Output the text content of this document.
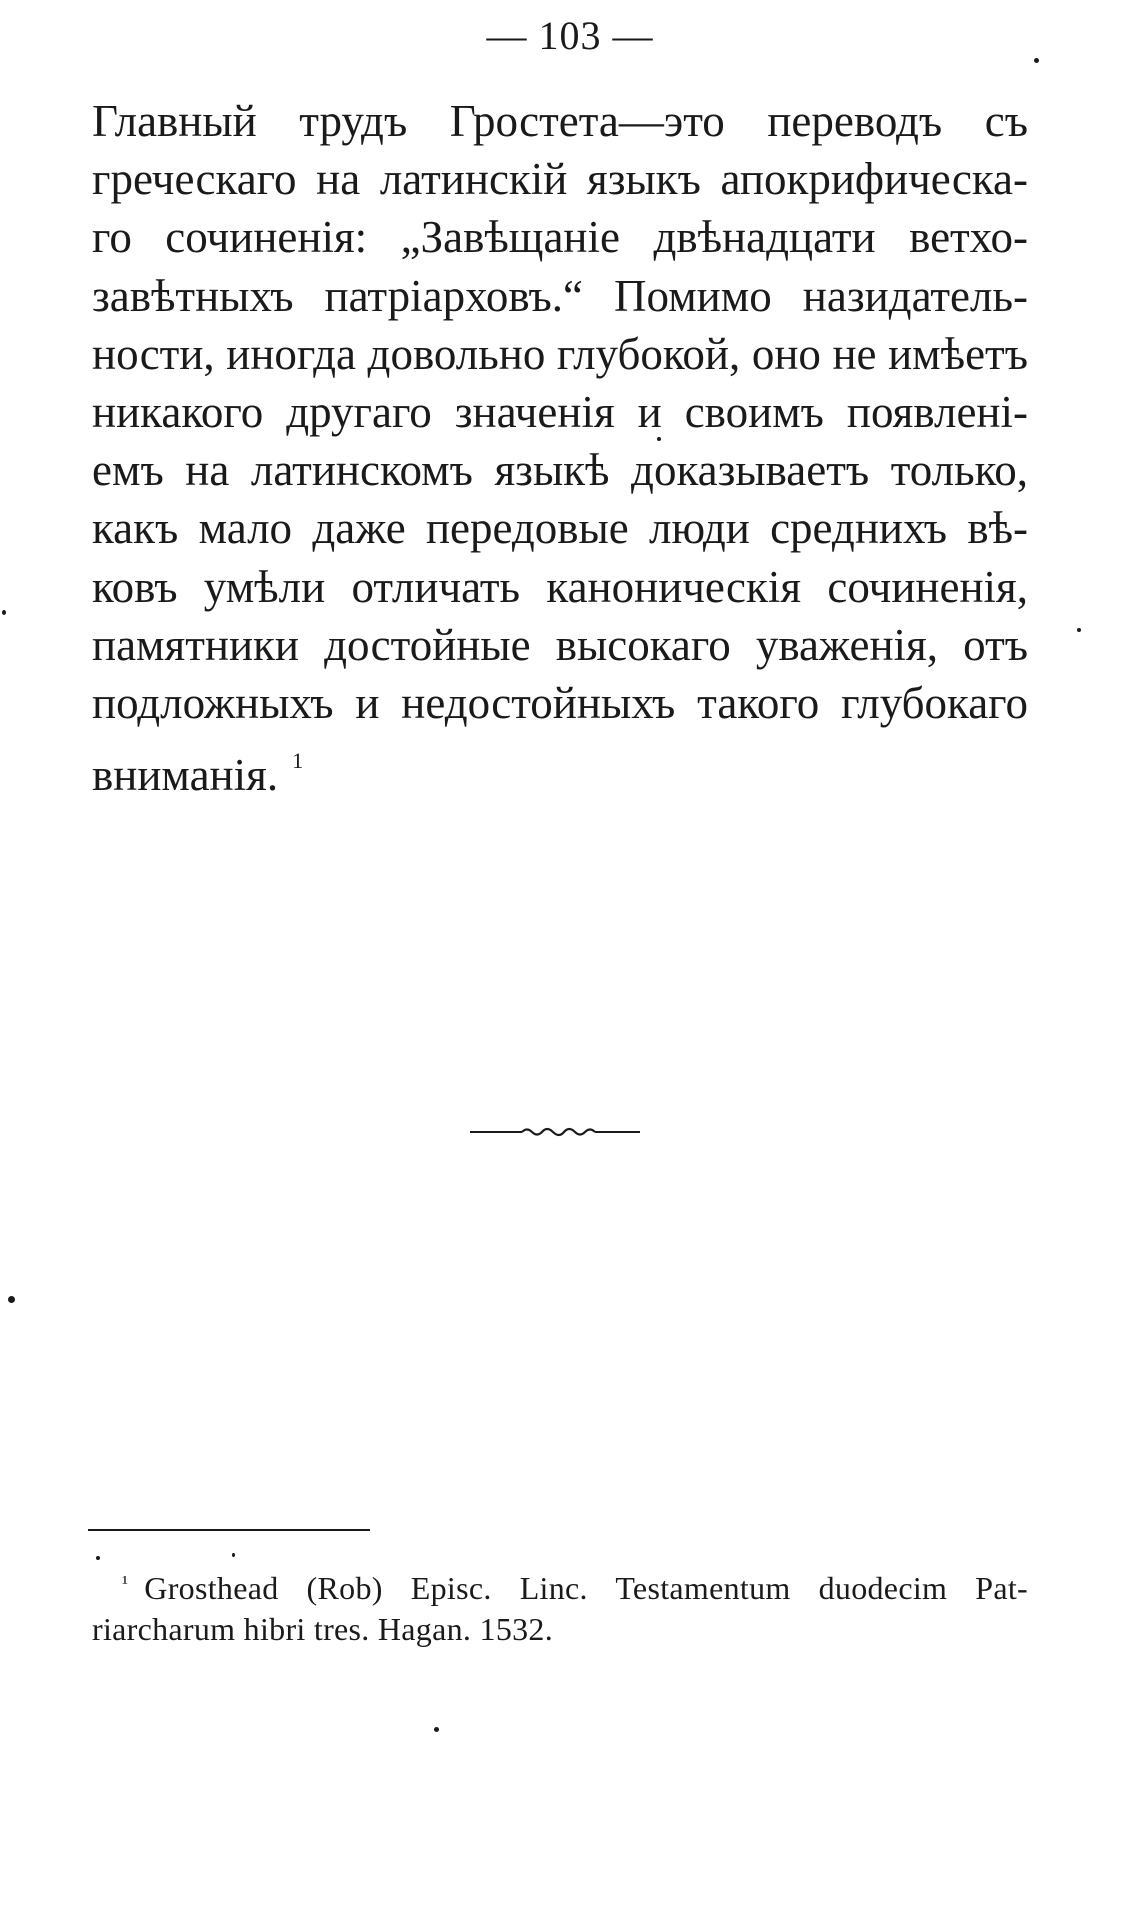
— 103 —
Главный трудъ Гростета—это переводъ съ
греческаго на латинскій языкъ апокрифическа-
го сочиненія: „Завѣщаніе двѣнадцати ветхо-
завѣтныхъ патріарховъ.“ Помимо назидатель-
ности, иногда довольно глубокой, оно не имѣетъ
никакого другаго значенія и своимъ появлені-
емъ на латинскомъ языкѣ доказываетъ только,
какъ мало даже передовые люди среднихъ вѣ-
ковъ умѣли отличать каноническія сочиненія,
памятники достойные высокаго уваженія, отъ
подложныхъ и недостойныхъ такого глубокаго
вниманія. $^1$
$^{^1}$ Grosthead (Rob) Episc. Linc. Testamentum duodecim Pat-
riarcharum hibri tres. Hagan. 1532.
